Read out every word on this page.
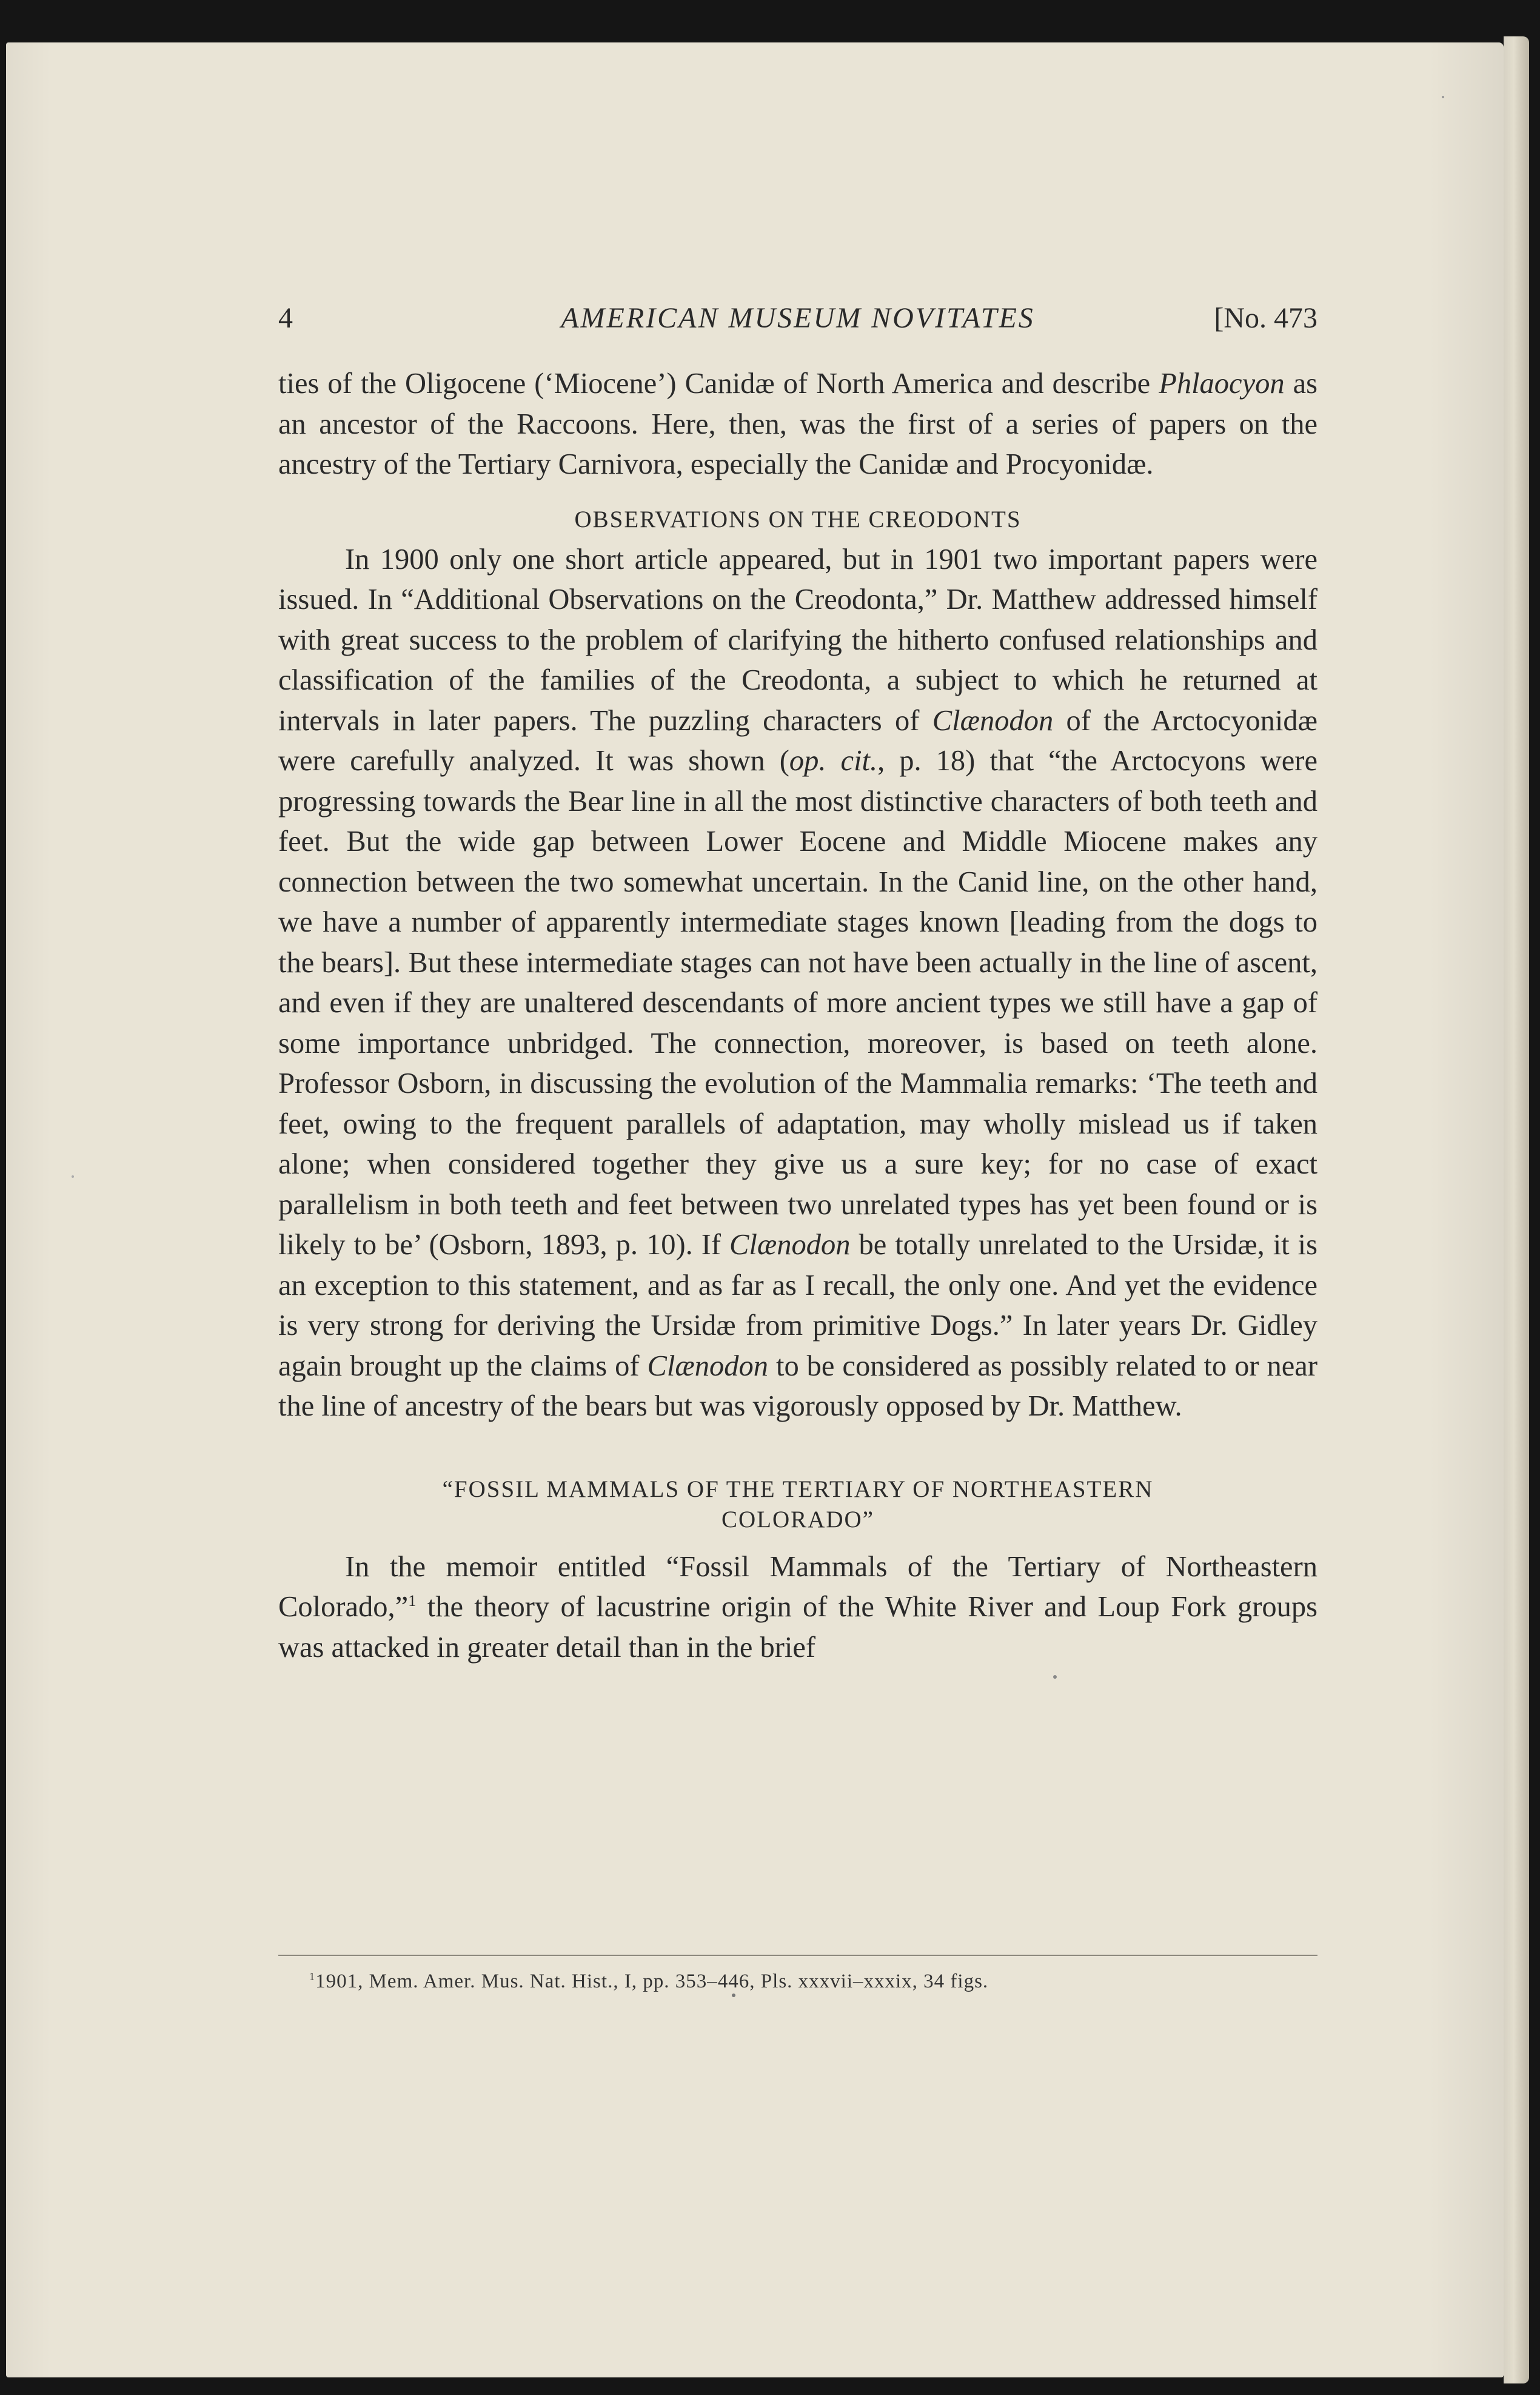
4	AMERICAN MUSEUM NOVITATES	[No. 473

ties of the Oligocene (‘Miocene’) Canidæ of North America and describe Phlaocyon as an ancestor of the Raccoons. Here, then, was the first of a series of papers on the ancestry of the Tertiary Carnivora, especially the Canidæ and Procyonidæ.

OBSERVATIONS ON THE CREODONTS

In 1900 only one short article appeared, but in 1901 two important papers were issued. In “Additional Observations on the Creodonta,” Dr. Matthew addressed himself with great success to the problem of clarifying the hitherto confused relationships and classification of the families of the Creodonta, a subject to which he returned at intervals in later papers. The puzzling characters of Clænodon of the Arctocyonidæ were carefully analyzed. It was shown (op. cit., p. 18) that “the Arctocyons were progressing towards the Bear line in all the most distinctive characters of both teeth and feet. But the wide gap between Lower Eocene and Middle Miocene makes any connection between the two somewhat uncertain. In the Canid line, on the other hand, we have a number of apparently intermediate stages known [leading from the dogs to the bears]. But these intermediate stages can not have been actually in the line of ascent, and even if they are unaltered descendants of more ancient types we still have a gap of some importance unbridged. The connection, moreover, is based on teeth alone. Professor Osborn, in discussing the evolution of the Mammalia remarks: ‘The teeth and feet, owing to the frequent parallels of adaptation, may wholly mislead us if taken alone; when considered together they give us a sure key; for no case of exact parallelism in both teeth and feet between two unrelated types has yet been found or is likely to be’ (Osborn, 1893, p. 10). If Clænodon be totally unrelated to the Ursidæ, it is an exception to this statement, and as far as I recall, the only one. And yet the evidence is very strong for deriving the Ursidæ from primitive Dogs.” In later years Dr. Gidley again brought up the claims of Clænodon to be considered as possibly related to or near the line of ancestry of the bears but was vigorously opposed by Dr. Matthew.

“FOSSIL MAMMALS OF THE TERTIARY OF NORTHEASTERN
COLORADO”

In the memoir entitled “Fossil Mammals of the Tertiary of Northeastern Colorado,”$^1$ the theory of lacustrine origin of the White River and Loup Fork groups was attacked in greater detail than in the brief

$^1$1901, Mem. Amer. Mus. Nat. Hist., I, pp. 353–446, Pls. xxxvii–xxxix, 34 figs.
